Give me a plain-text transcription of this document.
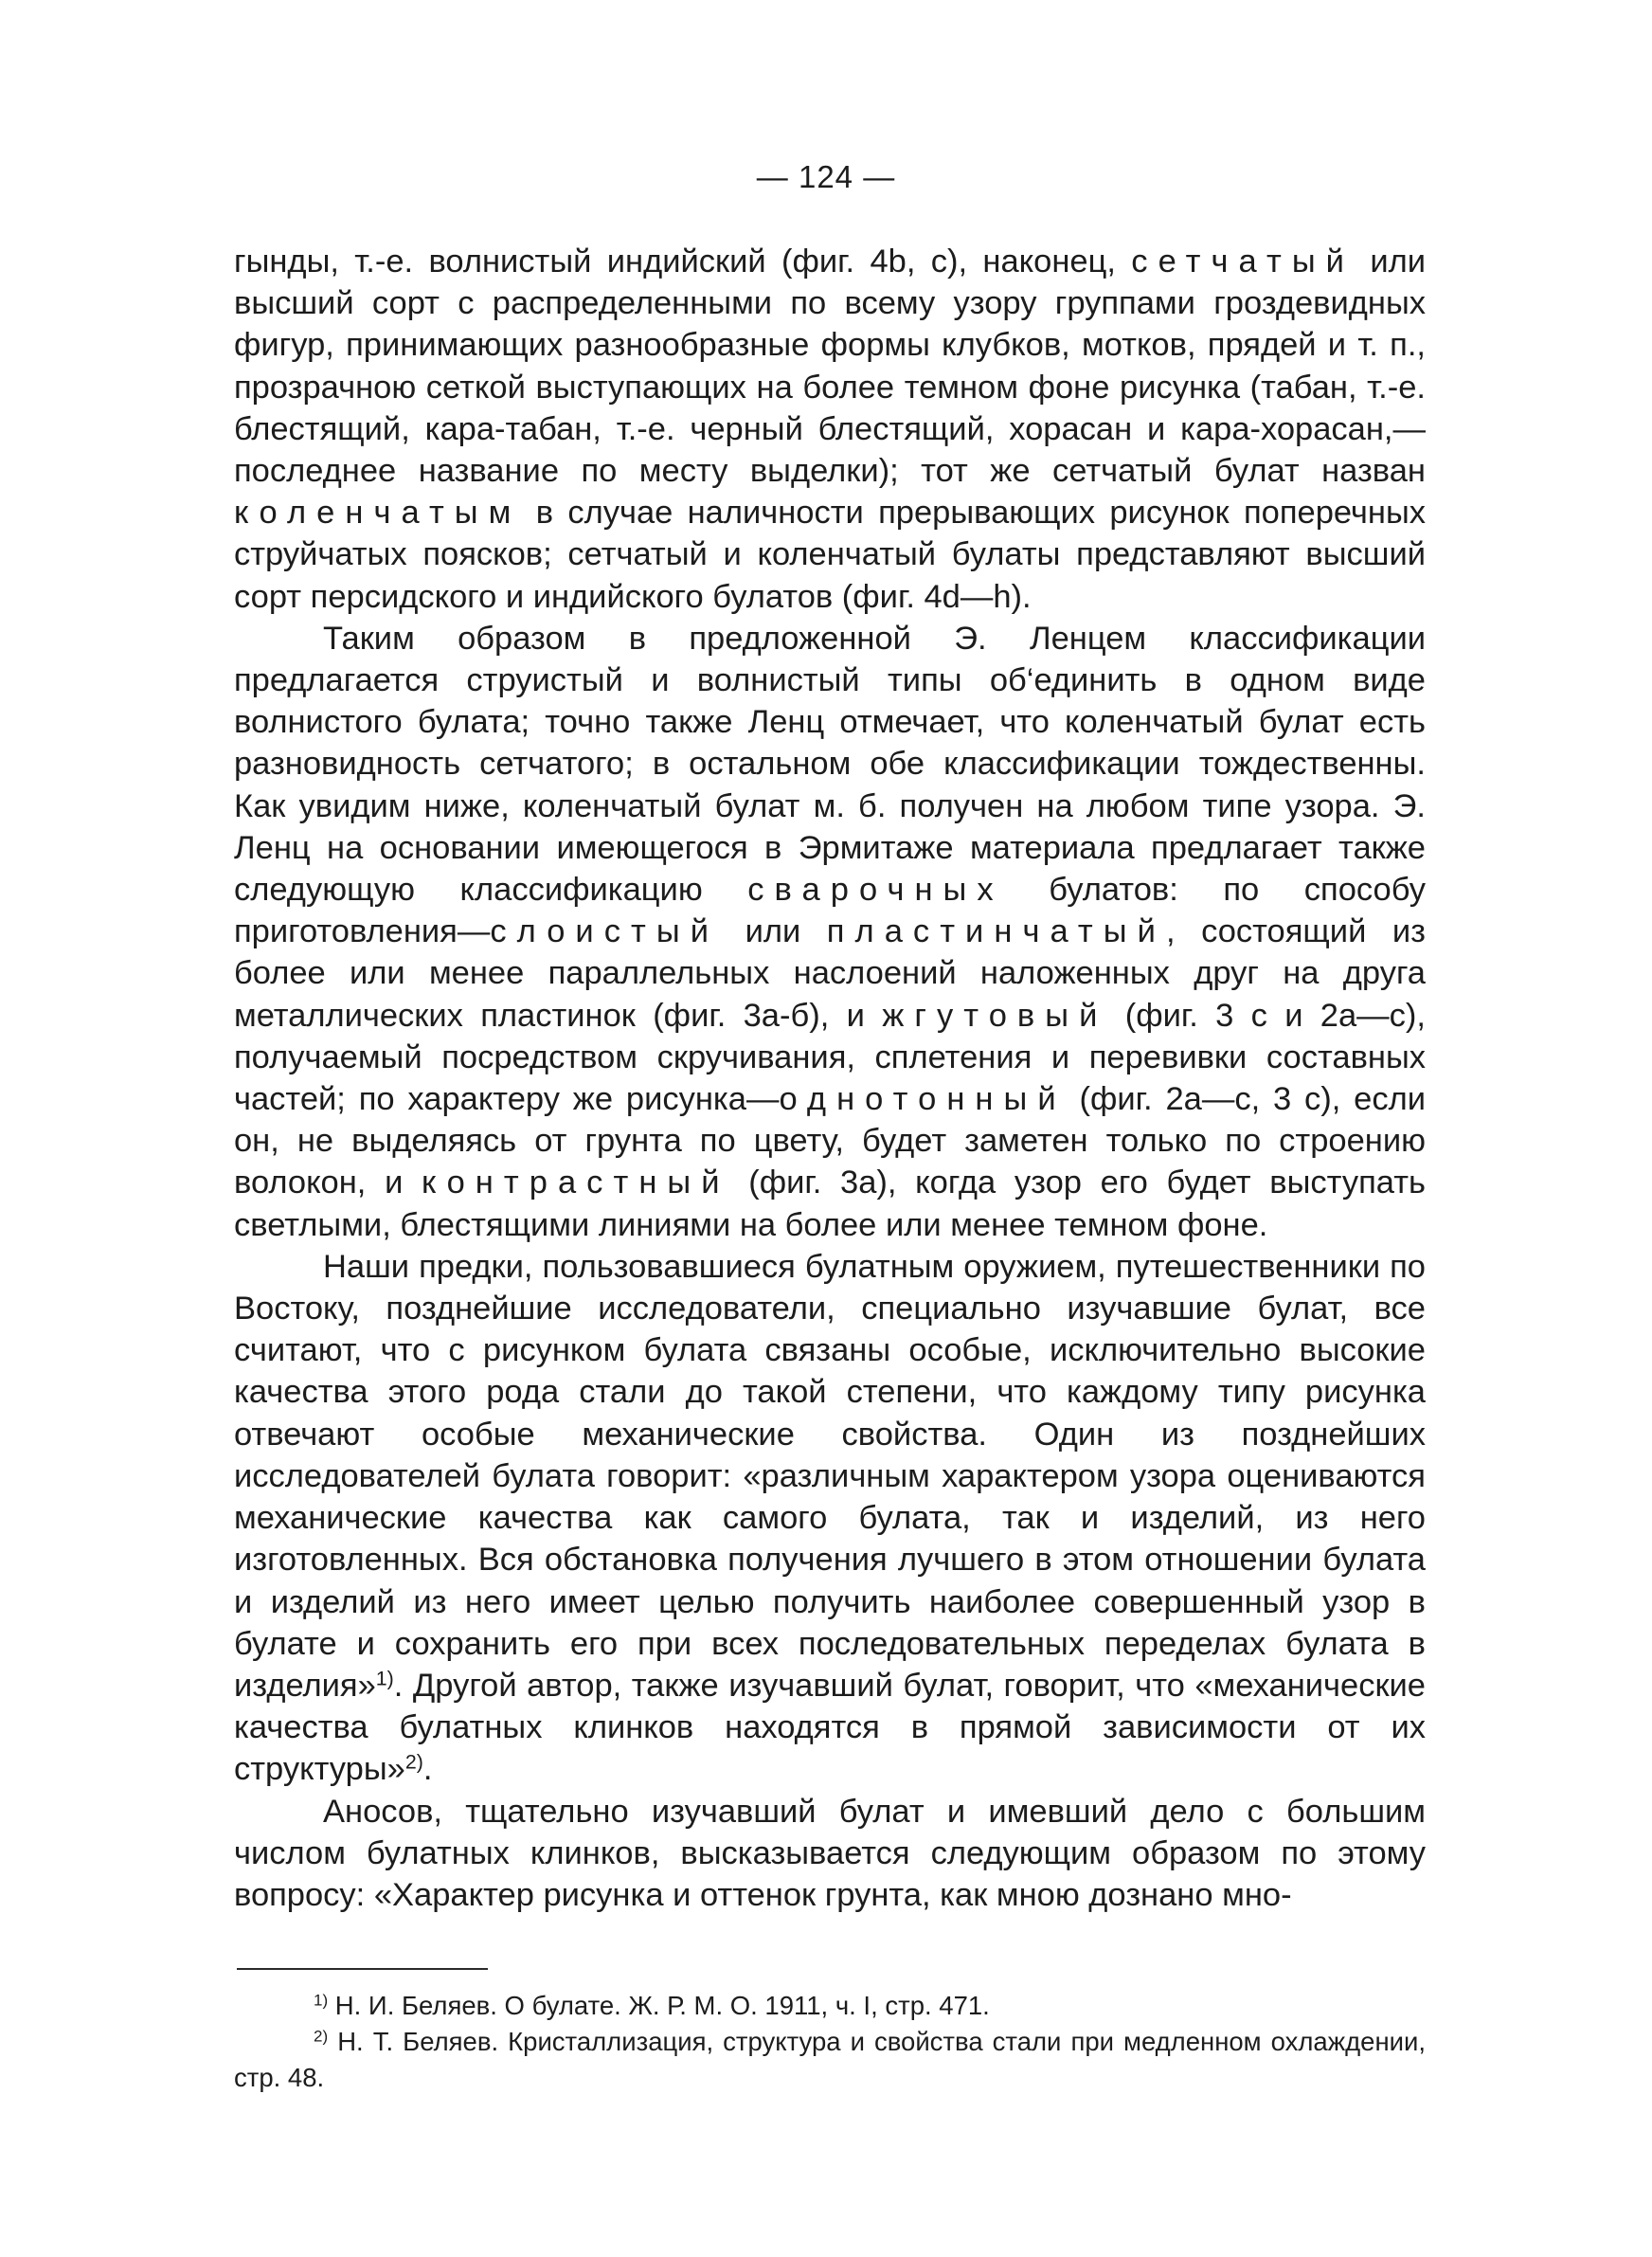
— 124 —

гынды, т.-е. волнистый индийский (фиг. 4b, c), наконец, сетчатый или высший сорт с распределенными по всему узору группами гроздевидных фигур, принимающих разнообразные формы клубков, мотков, прядей и т. п., прозрачною сеткой выступающих на более темном фоне рисунка (табан, т.-е. блестящий, кара-табан, т.-е. черный блестящий, хорасан и кара-хорасан,—последнее название по месту выделки); тот же сетчатый булат назван коленчатым в случае наличности прерывающих рисунок поперечных струйчатых поясков; сетчатый и коленчатый булаты представляют высший сорт персидского и индийского булатов (фиг. 4d—h).

Таким образом в предложенной Э. Ленцем классификации предлагается струистый и волнистый типы об‘единить в одном виде волнистого булата; точно также Ленц отмечает, что коленчатый булат есть разновидность сетчатого; в остальном обе классификации тождественны. Как увидим ниже, коленчатый булат м. б. получен на любом типе узора. Э. Ленц на основании имеющегося в Эрмитаже материала предлагает также следующую классификацию сварочных булатов: по способу приготовления—слоистый или пластинчатый, состоящий из более или менее параллельных наслоений наложенных друг на друга металлических пластинок (фиг. 3a-б), и жгутовый (фиг. 3 c и 2a—c), получаемый посредством скручивания, сплетения и перевивки составных частей; по характеру же рисунка—однотонный (фиг. 2a—c, 3 c), если он, не выделяясь от грунта по цвету, будет заметен только по строению волокон, и контрастный (фиг. 3a), когда узор его будет выступать светлыми, блестящими линиями на более или менее темном фоне.

Наши предки, пользовавшиеся булатным оружием, путешественники по Востоку, позднейшие исследователи, специально изучавшие булат, все считают, что с рисунком булата связаны особые, исключительно высокие качества этого рода стали до такой степени, что каждому типу рисунка отвечают особые механические свойства. Один из позднейших исследователей булата говорит: «различным характером узора оцениваются механические качества как самого булата, так и изделий, из него изготовленных. Вся обстановка получения лучшего в этом отношении булата и изделий из него имеет целью получить наиболее совершенный узор в булате и сохранить его при всех последовательных переделах булата в изделия»$^{1)}$. Другой автор, также изучавший булат, говорит, что «механические качества булатных клинков находятся в прямой зависимости от их структуры»$^{2)}$.

Аносов, тщательно изучавший булат и имевший дело с большим числом булатных клинков, высказывается следующим образом по этому вопросу: «Характер рисунка и оттенок грунта, как мною дознано мно-

$^{1)}$ Н. И. Беляев. О булате. Ж. Р. М. О. 1911, ч. I, стр. 471.

$^{2)}$ Н. Т. Беляев. Кристаллизация, структура и свойства стали при медленном охлаждении, стр. 48.
